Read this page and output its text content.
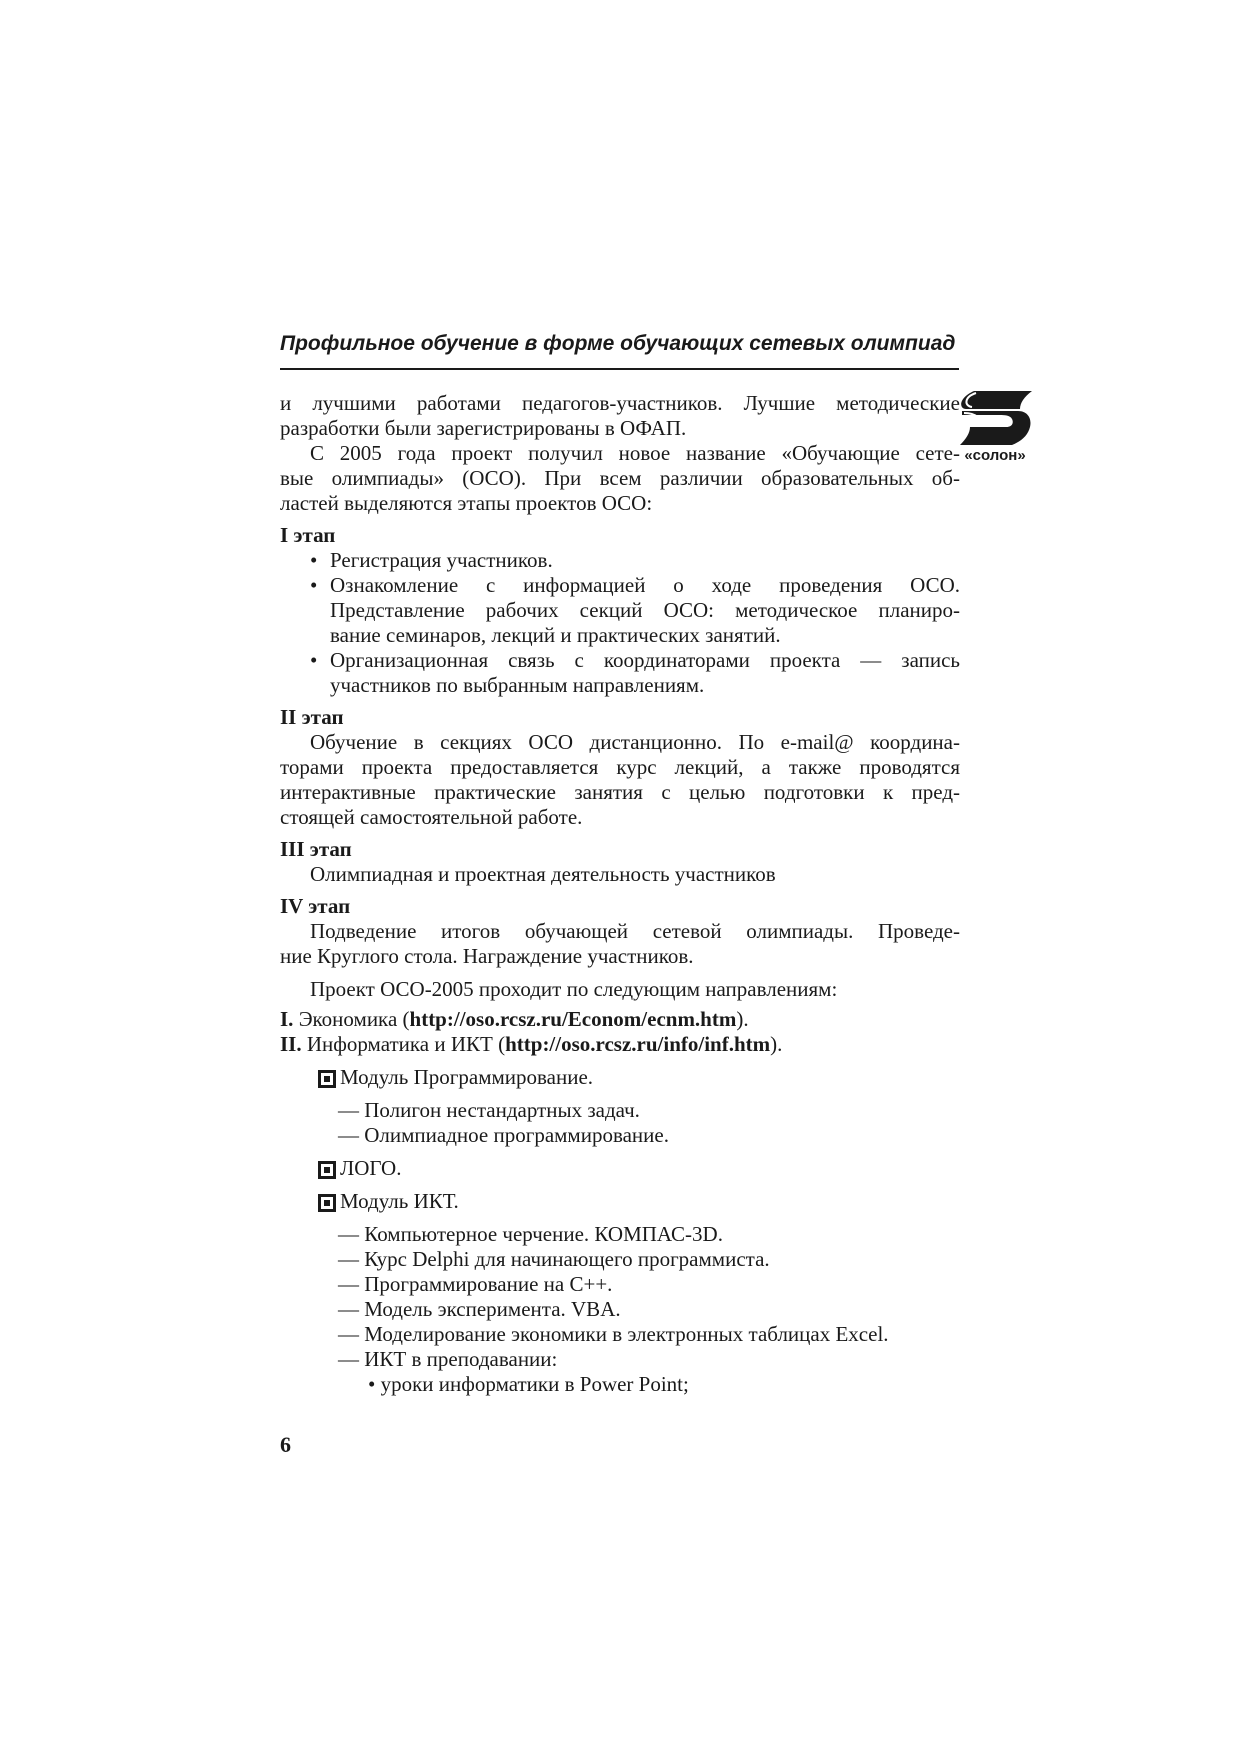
Профильное обучение в форме обучающих сетевых олимпиад
«солон»

и лучшими работами педагогов-участников. Лучшие методические
разработки были зарегистрированы в ОФАП.

С 2005 года проект получил новое название «Обучающие сете-
вые олимпиады» (ОСО). При всем различии образовательных об-
ластей выделяются этапы проектов ОСО:

I этап
• Регистрация участников.
• Ознакомление с информацией о ходе проведения ОСО.
Представление рабочих секций ОСО: методическое планиро-
вание семинаров, лекций и практических занятий.
• Организационная связь с координаторами проекта — запись
участников по выбранным направлениям.
II этап
Обучение в секциях ОСО дистанционно. По e-mail@ координа-
торами проекта предоставляется курс лекций, а также проводятся
интерактивные практические занятия с целью подготовки к пред-
стоящей самостоятельной работе.
III этап
Олимпиадная и проектная деятельность участников
IV этап
Подведение итогов обучающей сетевой олимпиады. Проведе-
ние Круглого стола. Награждение участников.

Проект ОСО-2005 проходит по следующим направлениям:

I. Экономика (http://oso.rcsz.ru/Econom/ecnm.htm).
II. Информатика и ИКТ (http://oso.rcsz.ru/info/inf.htm).
Модуль Программирование.
— Полигон нестандартных задач.
— Олимпиадное программирование.
ЛОГО.
Модуль ИКТ.
— Компьютерное черчение. КОМПАС-3D.
— Курс Delphi для начинающего программиста.
— Программирование на С++.
— Модель эксперимента. VBA.
— Моделирование экономики в электронных таблицах Excel.
— ИКТ в преподавании:
• уроки информатики в Power Point;
6
